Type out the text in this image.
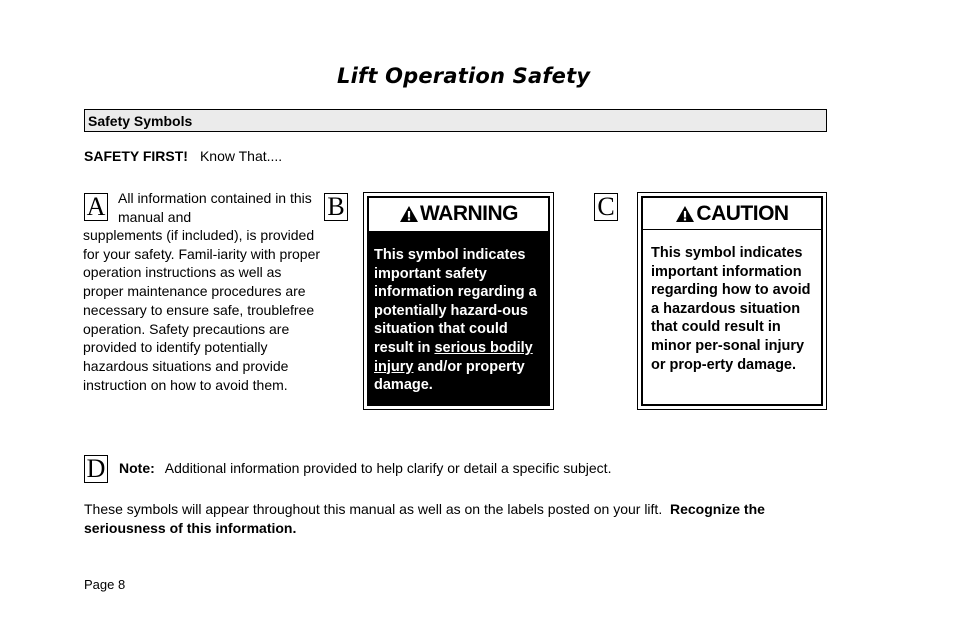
Lift Operation Safety
Safety Symbols
SAFETY FIRST! Know That....
A All information contained in this manual and
supplements (if included), is provided for your safety. Famil-iarity with proper operation instructions as well as proper maintenance procedures are necessary to ensure safe, troublefree operation. Safety precautions are provided to identify potentially hazardous situations and provide instruction on how to avoid them.
B	WARNING
This symbol indicates important safety information regarding a potentially hazard-ous situation that could result in serious bodily injury and/or property damage.
C	CAUTION
This symbol indicates important information regarding how to avoid a hazardous situation that could result in minor per-sonal injury or prop-erty damage.
D Note: Additional information provided to help clarify or detail a specific subject.
These symbols will appear throughout this manual as well as on the labels posted on your lift. Recognize the seriousness of this information.
Page 8
